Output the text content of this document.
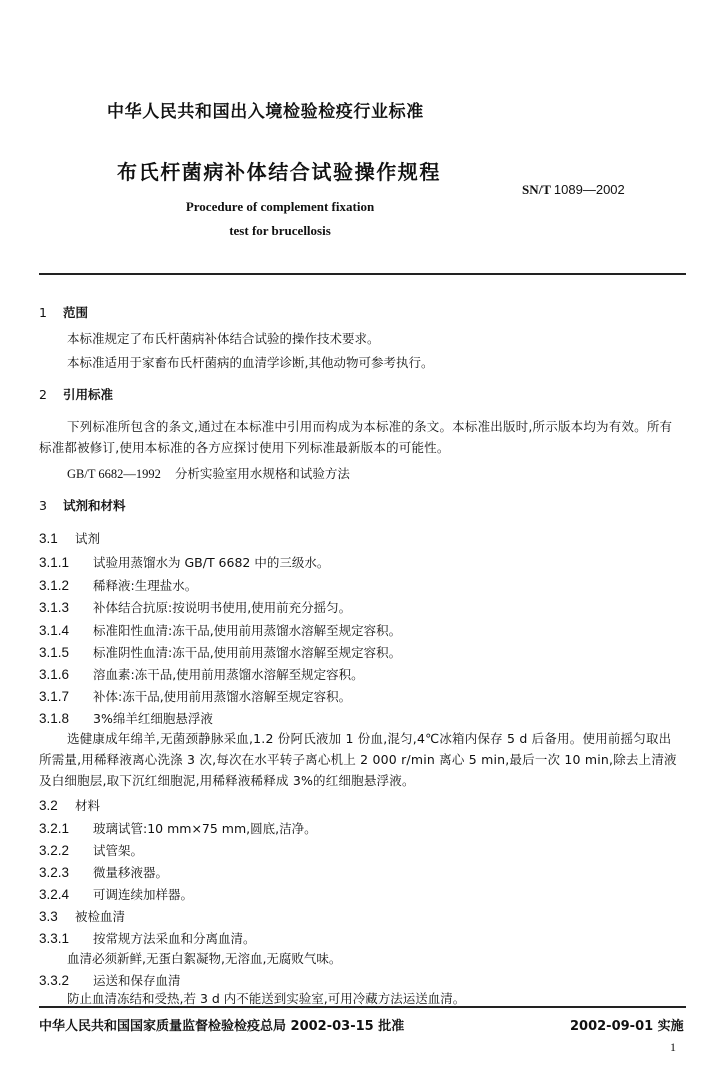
中华人民共和国出入境检验检疫行业标准
布氏杆菌病补体结合试验操作规程
SN/T 1089—2002
Procedure of complement fixation
test for brucellosis
1 范围
本标准规定了布氏杆菌病补体结合试验的操作技术要求。
本标准适用于家畜布氏杆菌病的血清学诊断,其他动物可参考执行。
2 引用标准
下列标准所包含的条文,通过在本标准中引用而构成为本标准的条文。本标准出版时,所示版本均为有效。所有标准都被修订,使用本标准的各方应探讨使用下列标准最新版本的可能性。
GB/T 6682—1992 分析实验室用水规格和试验方法
3 试剂和材料
3.1 试剂
3.1.1 试验用蒸馏水为 GB/T 6682 中的三级水。
3.1.2 稀释液:生理盐水。
3.1.3 补体结合抗原:按说明书使用,使用前充分摇匀。
3.1.4 标准阳性血清:冻干品,使用前用蒸馏水溶解至规定容积。
3.1.5 标准阴性血清:冻干品,使用前用蒸馏水溶解至规定容积。
3.1.6 溶血素:冻干品,使用前用蒸馏水溶解至规定容积。
3.1.7 补体:冻干品,使用前用蒸馏水溶解至规定容积。
3.1.8 3%绵羊红细胞悬浮液
选健康成年绵羊,无菌颈静脉采血,1.2 份阿氏液加 1 份血,混匀,4℃冰箱内保存 5 d 后备用。使用前摇匀取出所需量,用稀释液离心洗涤 3 次,每次在水平转子离心机上 2 000 r/min 离心 5 min,最后一次 10 min,除去上清液及白细胞层,取下沉红细胞泥,用稀释液稀释成 3%的红细胞悬浮液。
3.2 材料
3.2.1 玻璃试管:10 mm×75 mm,圆底,洁净。
3.2.2 试管架。
3.2.3 微量移液器。
3.2.4 可调连续加样器。
3.3 被检血清
3.3.1 按常规方法采血和分离血清。
血清必须新鲜,无蛋白絮凝物,无溶血,无腐败气味。
3.3.2 运送和保存血清
防止血清冻结和受热,若 3 d 内不能送到实验室,可用冷藏方法运送血清。
中华人民共和国国家质量监督检验检疫总局 2002-03-15 批准	2002-09-01 实施
1
